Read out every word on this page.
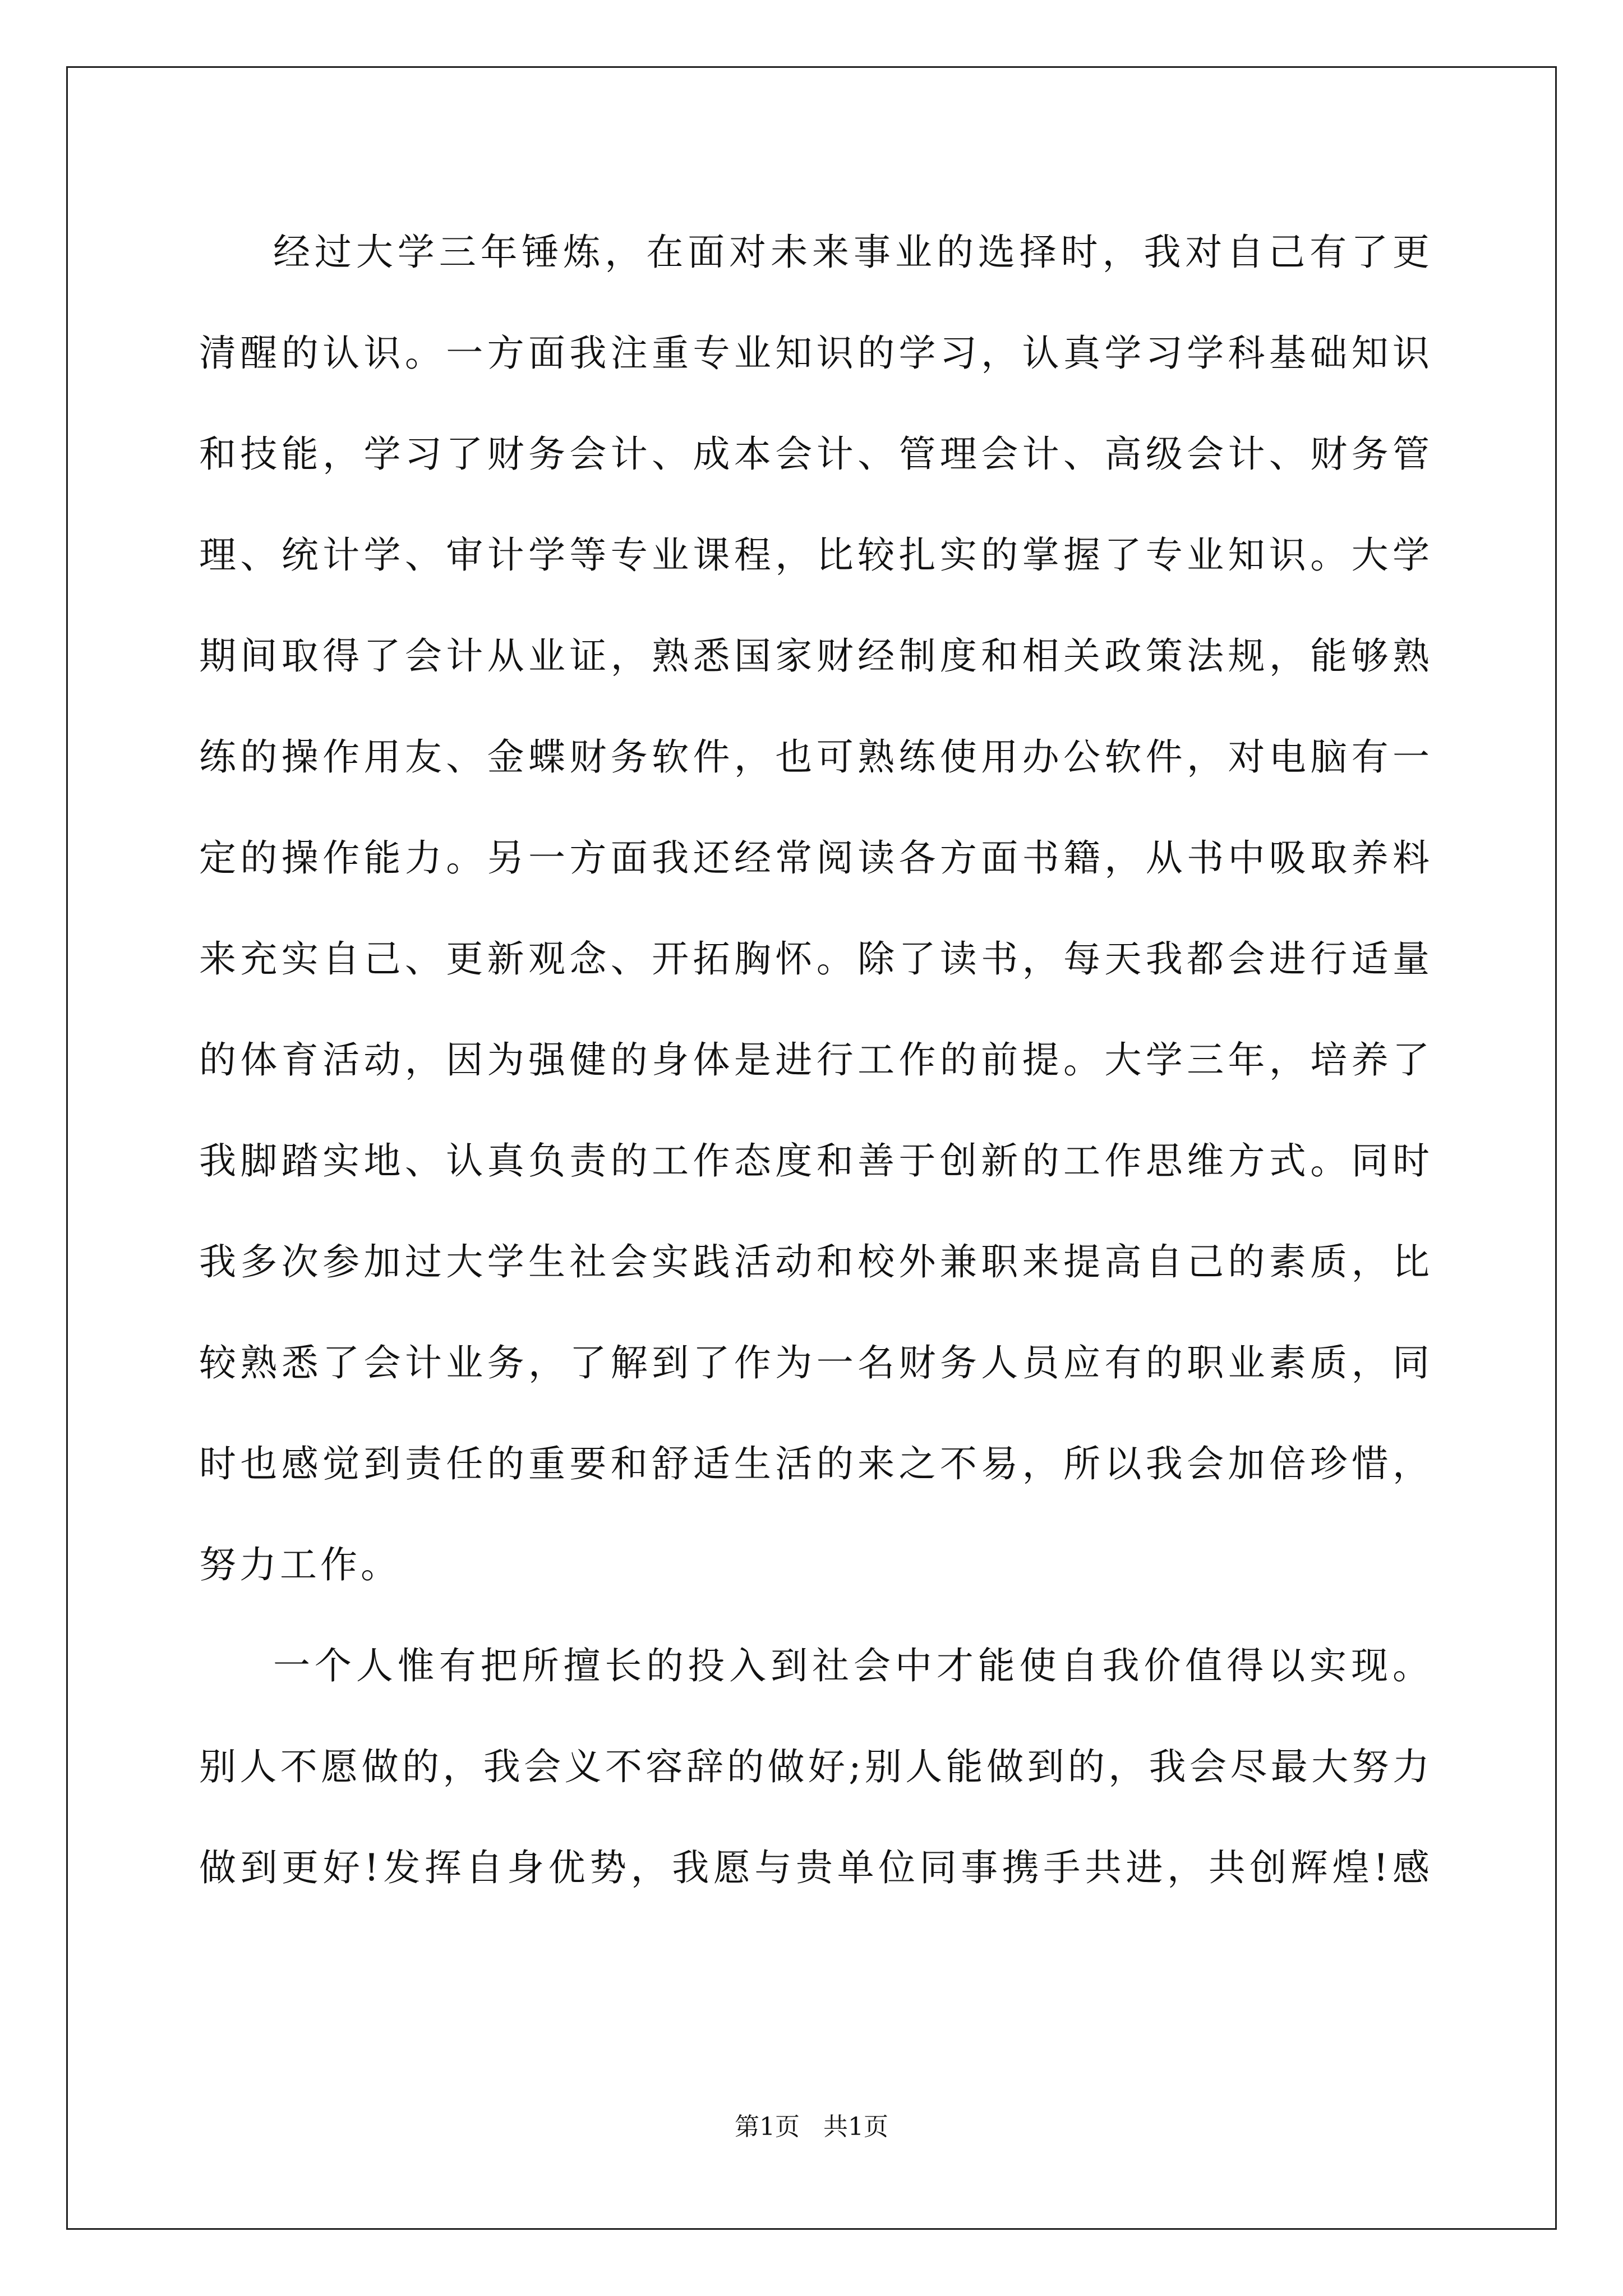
经过大学三年锤炼，在面对未来事业的选择时，我对自己有了更
清醒的认识。一方面我注重专业知识的学习，认真学习学科基础知识
和技能，学习了财务会计、成本会计、管理会计、高级会计、财务管
理、统计学、审计学等专业课程，比较扎实的掌握了专业知识。大学
期间取得了会计从业证，熟悉国家财经制度和相关政策法规，能够熟
练的操作用友、金蝶财务软件，也可熟练使用办公软件，对电脑有一
定的操作能力。另一方面我还经常阅读各方面书籍，从书中吸取养料
来充实自己、更新观念、开拓胸怀。除了读书，每天我都会进行适量
的体育活动，因为强健的身体是进行工作的前提。大学三年，培养了
我脚踏实地、认真负责的工作态度和善于创新的工作思维方式。同时
我多次参加过大学生社会实践活动和校外兼职来提高自己的素质，比
较熟悉了会计业务，了解到了作为一名财务人员应有的职业素质，同
时也感觉到责任的重要和舒适生活的来之不易，所以我会加倍珍惜，
努力工作。
一个人惟有把所擅长的投入到社会中才能使自我价值得以实现。
别人不愿做的，我会义不容辞的做好;别人能做到的，我会尽最大努力
做到更好!发挥自身优势，我愿与贵单位同事携手共进，共创辉煌!感
第1页   共1页
